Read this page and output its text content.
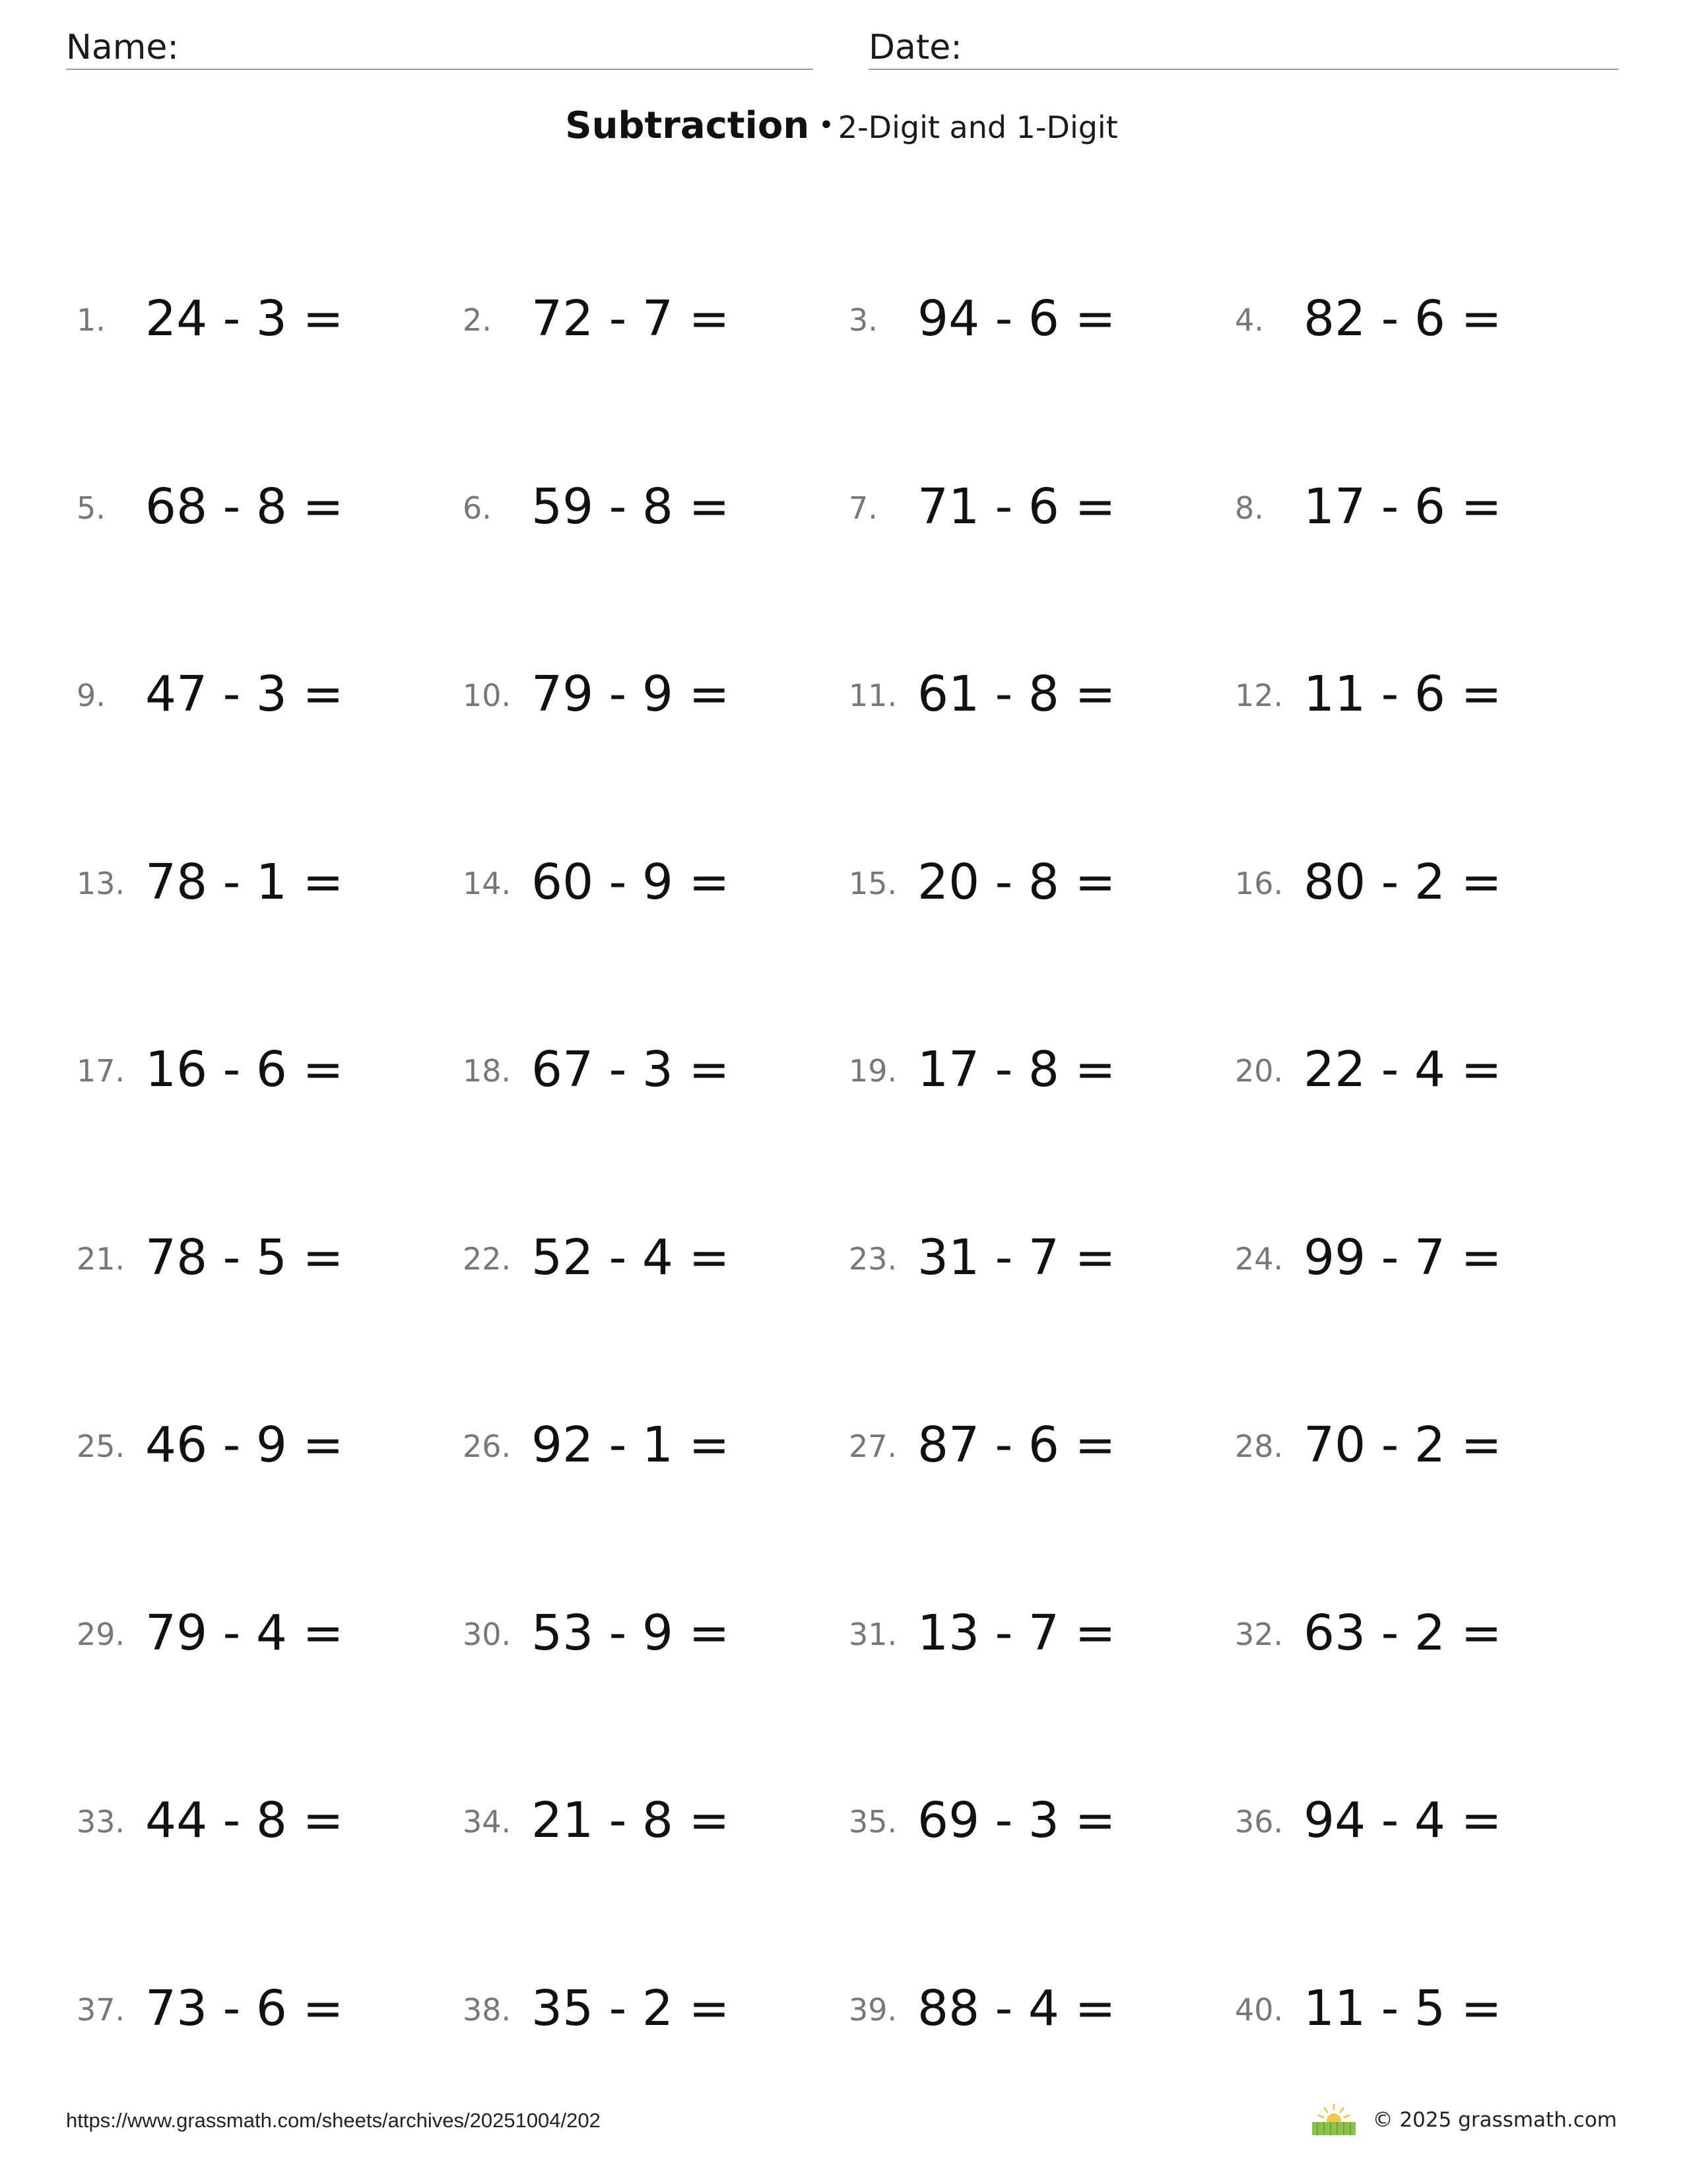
Name:	Date:
Subtraction • 2-Digit and 1-Digit
1. 24 - 3 =	2. 72 - 7 =	3. 94 - 6 =	4. 82 - 6 =
5. 68 - 8 =	6. 59 - 8 =	7. 71 - 6 =	8. 17 - 6 =
9. 47 - 3 =	10. 79 - 9 =	11. 61 - 8 =	12. 11 - 6 =
13. 78 - 1 =	14. 60 - 9 =	15. 20 - 8 =	16. 80 - 2 =
17. 16 - 6 =	18. 67 - 3 =	19. 17 - 8 =	20. 22 - 4 =
21. 78 - 5 =	22. 52 - 4 =	23. 31 - 7 =	24. 99 - 7 =
25. 46 - 9 =	26. 92 - 1 =	27. 87 - 6 =	28. 70 - 2 =
29. 79 - 4 =	30. 53 - 9 =	31. 13 - 7 =	32. 63 - 2 =
33. 44 - 8 =	34. 21 - 8 =	35. 69 - 3 =	36. 94 - 4 =
37. 73 - 6 =	38. 35 - 2 =	39. 88 - 4 =	40. 11 - 5 =
https://www.grassmath.com/sheets/archives/20251004/202	© 2025 grassmath.com
